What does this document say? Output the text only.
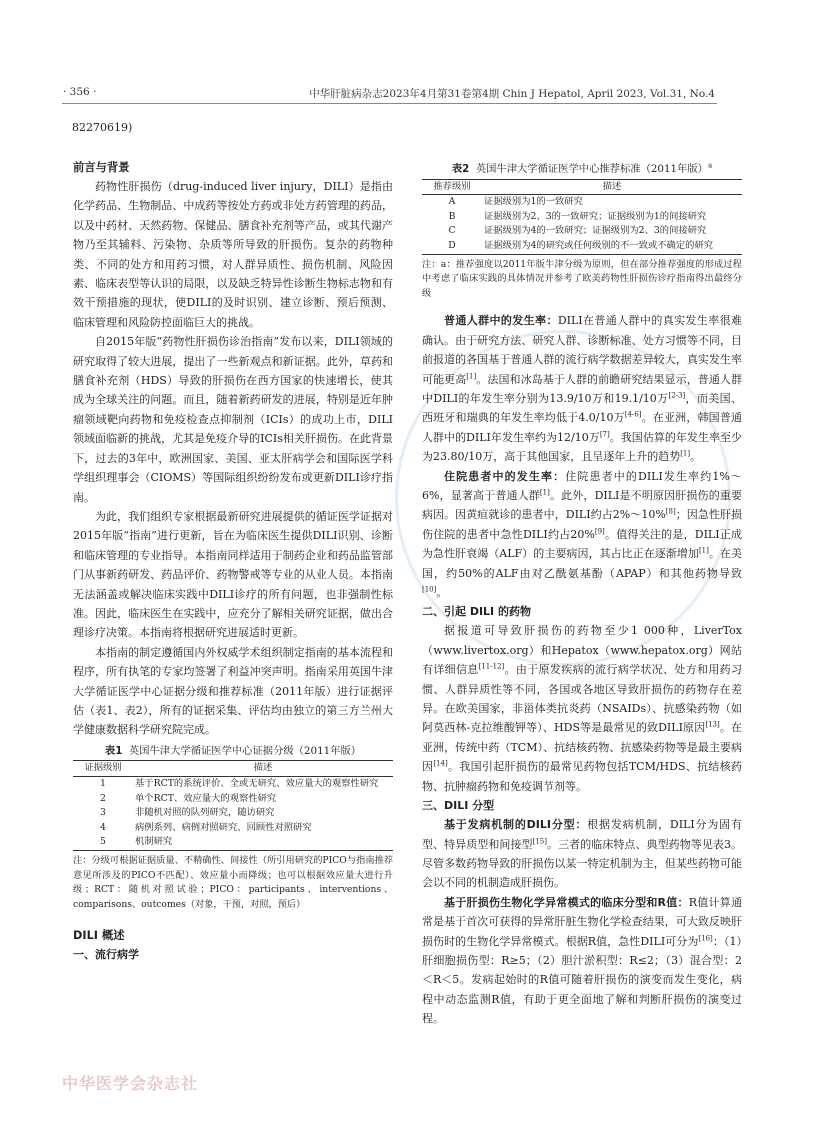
· 356 ·	中华肝脏病杂志2023年4月第31卷第4期 Chin J Hepatol, April 2023, Vol.31, No.4
82270619)
前言与背景

药物性肝损伤（drug-induced liver injury，DILI）是指由化学药品、生物制品、中成药等按处方药或非处方药管理的药品，以及中药材、天然药物、保健品、膳食补充剂等产品，或其代谢产物乃至其辅料、污染物、杂质等所导致的肝损伤。复杂的药物种类、不同的处方和用药习惯，对人群异质性、损伤机制、风险因素、临床表型等认识的局限，以及缺乏特异性诊断生物标志物和有效干预措施的现状，使DILI的及时识别、建立诊断、预后预测、临床管理和风险防控面临巨大的挑战。

自2015年版“药物性肝损伤诊治指南”发布以来，DILI领域的研究取得了较大进展，提出了一些新观点和新证据。此外，草药和膳食补充剂（HDS）导致的肝损伤在西方国家的快速增长，使其成为全球关注的问题。而且，随着新药研发的进展，特别是近年肿瘤领域靶向药物和免疫检查点抑制剂（ICIs）的成功上市，DILI领域面临新的挑战，尤其是免疫介导的ICIs相关肝损伤。在此背景下，过去的3年中，欧洲国家、美国、亚太肝病学会和国际医学科学组织理事会（CIOMS）等国际组织纷纷发布或更新DILI诊疗指南。

为此，我们组织专家根据最新研究进展提供的循证医学证据对2015年版“指南”进行更新，旨在为临床医生提供DILI识别、诊断和临床管理的专业指导。本指南同样适用于制药企业和药品监管部门从事新药研发、药品评价、药物警戒等专业的从业人员。本指南无法涵盖或解决临床实践中DILI诊疗的所有问题，也非强制性标准。因此，临床医生在实践中，应充分了解相关研究证据，做出合理诊疗决策。本指南将根据研究进展适时更新。

本指南的制定遵循国内外权威学术组织制定指南的基本流程和程序，所有执笔的专家均签署了利益冲突声明。指南采用英国牛津大学循证医学中心证据分级和推荐标准（2011年版）进行证据评估（表1、表2），所有的证据采集、评估均由独立的第三方兰州大学健康数据科学研究院完成。

表1 英国牛津大学循证医学中心证据分级（2011年版）
证据级别	描述
1	基于RCT的系统评价、全或无研究、效应量大的观察性研究
2	单个RCT、效应量大的观察性研究
3	非随机对照的队列研究，随访研究
4	病例系列、病例对照研究、回顾性对照研究
5	机制研究
注：分级可根据证据质量、不精确性、间接性（所引用研究的PICO与指南推荐意见所涉及的PICO不匹配）、效应量小而降级；也可以根据效应量大进行升级；RCT：随机对照试验；PICO：participants、interventions、comparisons、outcomes（对象，干预，对照，预后）
DILI 概述
一、流行病学
表2 英国牛津大学循证医学中心推荐标准（2011年版）$^a$
推荐级别	描述
A	证据级别为1的一致研究
B	证据级别为2、3的一致研究；证据级别为1的间接研究
C	证据级别为4的一致研究；证据级别为2、3的间接研究
D	证据级别为4的研究或任何级别的不一致或不确定的研究
注：a：推荐强度以2011年版牛津分级为原则，但在部分推荐强度的形成过程中考虑了临床实践的具体情况并参考了欧美药物性肝损伤诊疗指南得出最终分级

普通人群中的发生率：DILI在普通人群中的真实发生率很难确认。由于研究方法、研究人群、诊断标准、处方习惯等不同，目前报道的各国基于普通人群的流行病学数据差异较大，真实发生率可能更高[1]。法国和冰岛基于人群的前瞻研究结果显示，普通人群中DILI的年发生率分别为13.9/10万和19.1/10万[2-3]，而美国、西班牙和瑞典的年发生率均低于4.0/10万[4-6]。在亚洲，韩国普通人群中的DILI年发生率约为12/10万[7]。我国估算的年发生率至少为23.80/10万，高于其他国家，且呈逐年上升的趋势[1]。

住院患者中的发生率：住院患者中的DILI发生率约1%～6%，显著高于普通人群[1]。此外，DILI是不明原因肝损伤的重要病因。因黄疸就诊的患者中，DILI约占2%～10%[8]；因急性肝损伤住院的患者中急性DILI约占20%[9]。值得关注的是，DILI正成为急性肝衰竭（ALF）的主要病因，其占比正在逐渐增加[1]。在美国，约50%的ALF由对乙酰氨基酚（APAP）和其他药物导致[10]。

二、引起 DILI 的药物

据报道可导致肝损伤的药物至少1 000种，LiverTox（www.livertox.org）和Hepatox（www.hepatox.org）网站有详细信息[11-12]。由于原发疾病的流行病学状况、处方和用药习惯、人群异质性等不同，各国或各地区导致肝损伤的药物存在差异。在欧美国家，非甾体类抗炎药（NSAIDs）、抗感染药物（如阿莫西林-克拉维酸钾等）、HDS等是最常见的致DILI原因[13]。在亚洲，传统中药（TCM）、抗结核药物、抗感染药物等是最主要病因[14]。我国引起肝损伤的最常见药物包括TCM/HDS、抗结核药物、抗肿瘤药物和免疫调节剂等。

三、DILI 分型

基于发病机制的DILI分型：根据发病机制，DILI分为固有型、特异质型和间接型[15]。三者的临床特点、典型药物等见表3。尽管多数药物导致的肝损伤以某一特定机制为主，但某些药物可能会以不同的机制造成肝损伤。

基于肝损伤生物化学异常模式的临床分型和R值：R值计算通常是基于首次可获得的异常肝脏生物化学检查结果，可大致反映肝损伤时的生物化学异常模式。根据R值，急性DILI可分为[16]：（1）肝细胞损伤型：R≥5；（2）胆汁淤积型：R≤2；（3）混合型：2＜R＜5。发病起始时的R值可随着肝损伤的演变而发生变化，病程中动态监测R值，有助于更全面地了解和判断肝损伤的演变过程。

中华医学会杂志社
